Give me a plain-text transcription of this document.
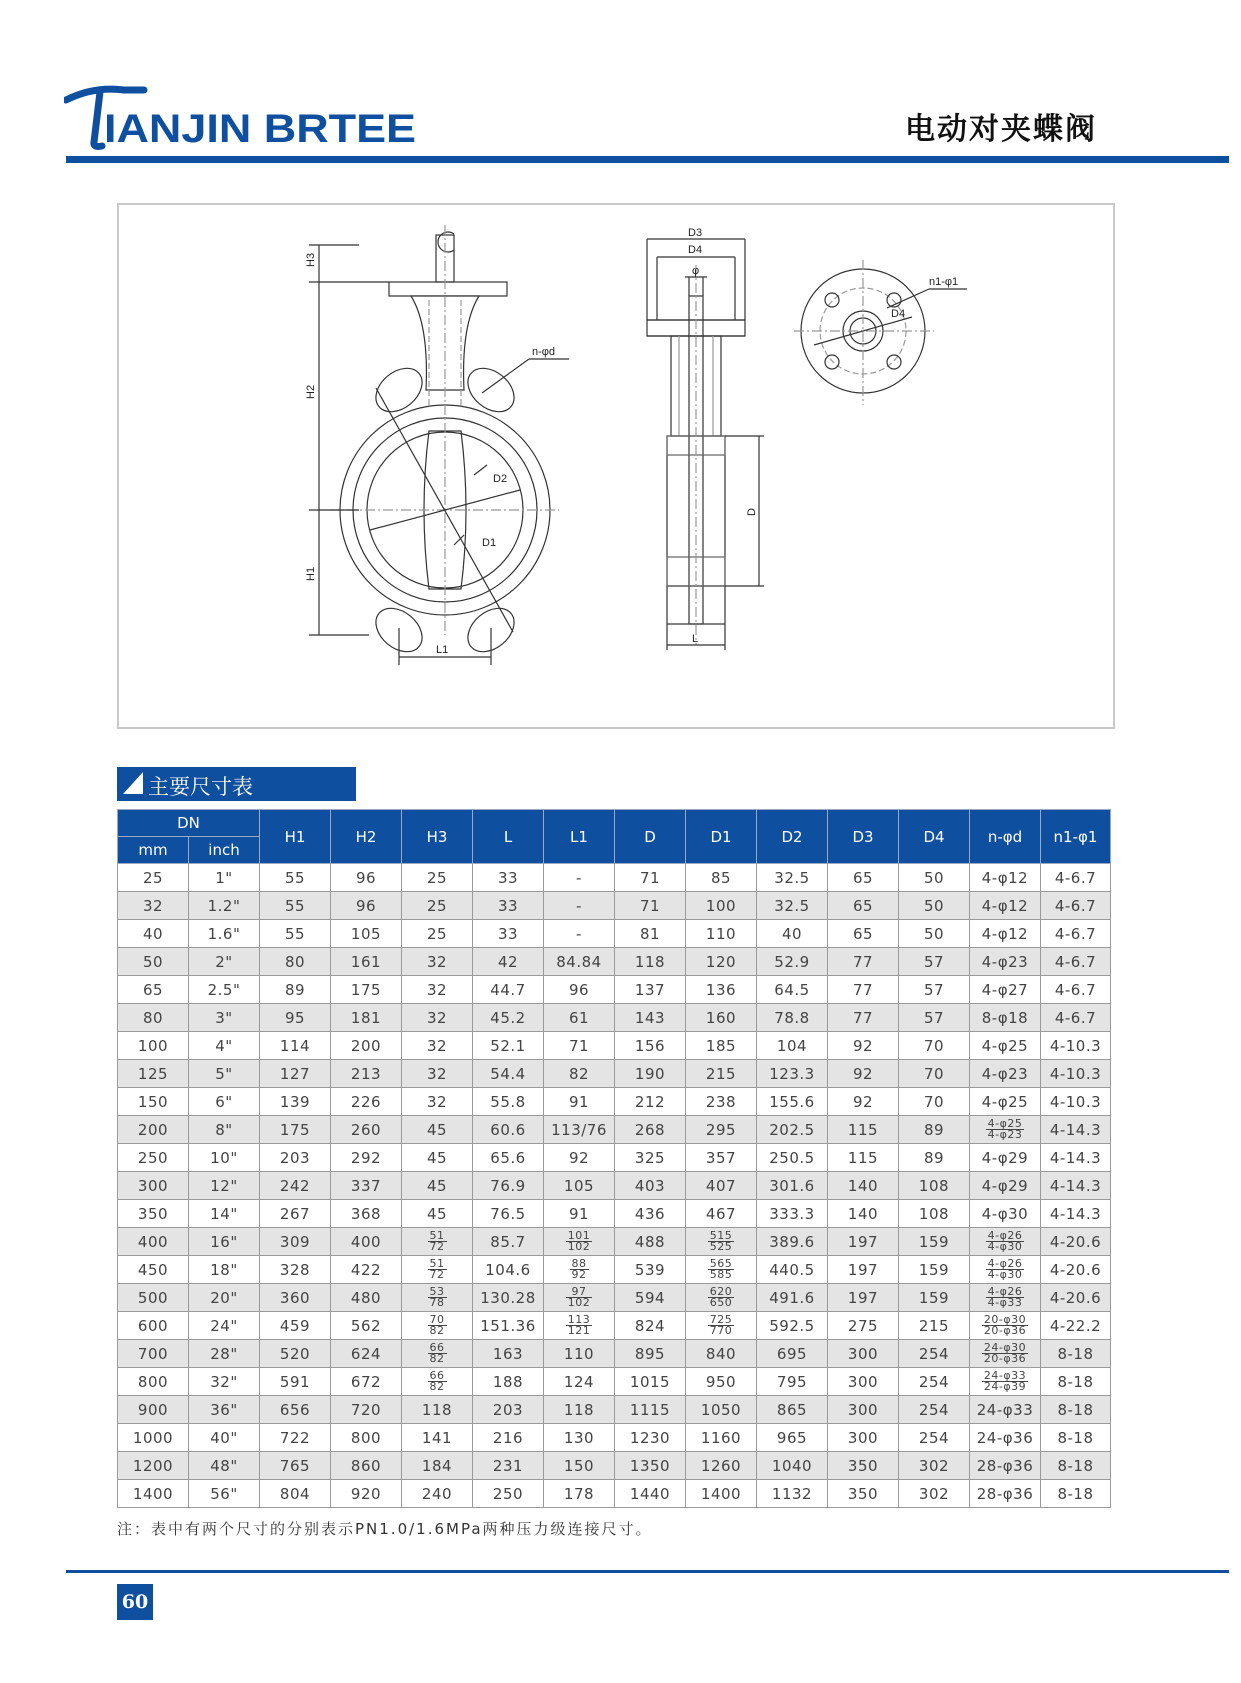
IANJIN BRTEE	电动对夹蝶阀
H3
H2
H1
L1
n-φd
D2
D1
D3
D4
φ
D
L
n1-φ1
D4
主要尺寸表
DN		H1	H2	H3	L	L1	D	D1	D2	D3	D4	n-φd	n1-φ1
mm	inch												
25	1"	55	96	25	33	-	71	85	32.5	65	50	4-φ12	4-6.7
32	1.2"	55	96	25	33	-	71	100	32.5	65	50	4-φ12	4-6.7
40	1.6"	55	105	25	33	-	81	110	40	65	50	4-φ12	4-6.7
50	2"	80	161	32	42	84.84	118	120	52.9	77	57	4-φ23	4-6.7
65	2.5"	89	175	32	44.7	96	137	136	64.5	77	57	4-φ27	4-6.7
80	3"	95	181	32	45.2	61	143	160	78.8	77	57	8-φ18	4-6.7
100	4"	114	200	32	52.1	71	156	185	104	92	70	4-φ25	4-10.3
125	5"	127	213	32	54.4	82	190	215	123.3	92	70	4-φ23	4-10.3
150	6"	139	226	32	55.8	91	212	238	155.6	92	70	4-φ25	4-10.3
200	8"	175	260	45	60.6	113/76	268	295	202.5	115	89	$\frac{4-\varphi 25}{4-\varphi 23}$	4-14.3
250	10"	203	292	45	65.6	92	325	357	250.5	115	89	4-φ29	4-14.3
300	12"	242	337	45	76.9	105	403	407	301.6	140	108	4-φ29	4-14.3
350	14"	267	368	45	76.5	91	436	467	333.3	140	108	4-φ30	4-14.3
400	16"	309	400	$\frac{51}{72}$	85.7	$\frac{101}{102}$	488	$\frac{515}{525}$	389.6	197	159	$\frac{4-\varphi 26}{4-\varphi 30}$	4-20.6
450	18"	328	422	$\frac{51}{72}$	104.6	$\frac{88}{92}$	539	$\frac{565}{585}$	440.5	197	159	$\frac{4-\varphi 26}{4-\varphi 30}$	4-20.6
500	20"	360	480	$\frac{53}{78}$	130.28	$\frac{97}{102}$	594	$\frac{620}{650}$	491.6	197	159	$\frac{4-\varphi 26}{4-\varphi 33}$	4-20.6
600	24"	459	562	$\frac{70}{82}$	151.36	$\frac{113}{121}$	824	$\frac{725}{770}$	592.5	275	215	$\frac{20-\varphi 30}{20-\varphi 36}$	4-22.2
700	28"	520	624	$\frac{66}{82}$	163	110	895	840	695	300	254	$\frac{24-\varphi 30}{20-\varphi 36}$	8-18
800	32"	591	672	$\frac{66}{82}$	188	124	1015	950	795	300	254	$\frac{24-\varphi 33}{24-\varphi 39}$	8-18
900	36"	656	720	118	203	118	1115	1050	865	300	254	24-φ33	8-18
1000	40"	722	800	141	216	130	1230	1160	965	300	254	24-φ36	8-18
1200	48"	765	860	184	231	150	1350	1260	1040	350	302	28-φ36	8-18
1400	56"	804	920	240	250	178	1440	1400	1132	350	302	28-φ36	8-18
注：表中有两个尺寸的分别表示PN1.0/1.6MPa两种压力级连接尺寸。
60
